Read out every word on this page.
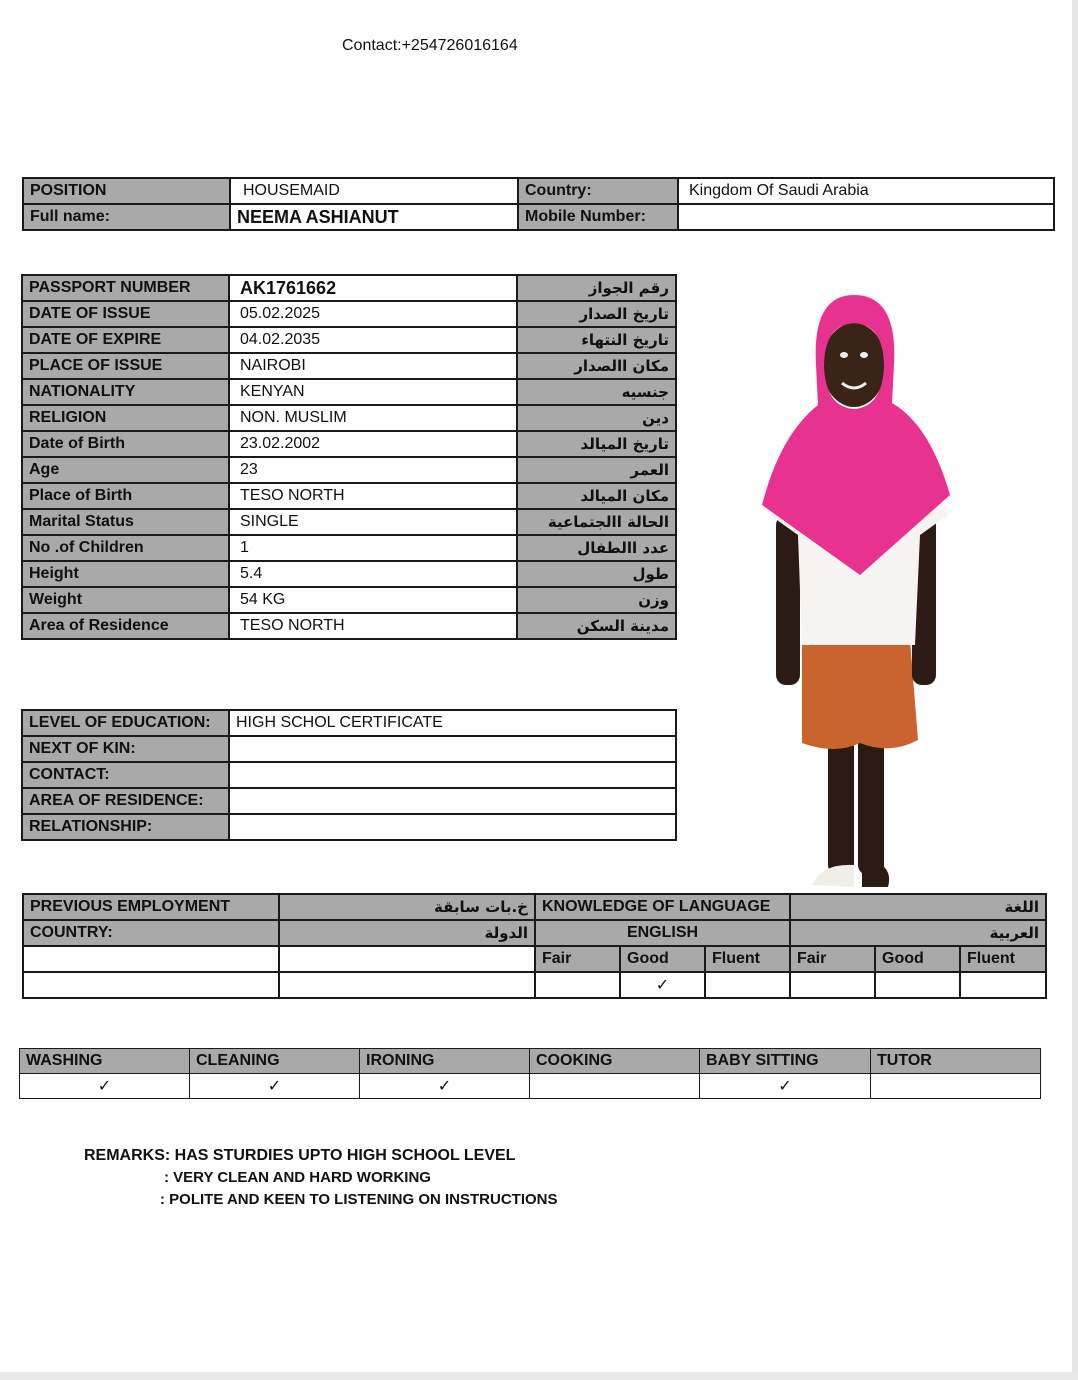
Contact:+254726016164
POSITION	HOUSEMAID	Country:	Kingdom Of Saudi Arabia
Full name:	NEEMA ASHIANUT	Mobile Number:	
PASSPORT NUMBER	AK1761662	رقم الجواز
DATE OF ISSUE	05.02.2025	تاريخ الصدار
DATE OF EXPIRE	04.02.2035	تاريخ النتهاء
PLACE OF ISSUE	NAIROBI	مكان االصدار
NATIONALITY	KENYAN	جنسيه
RELIGION	NON. MUSLIM	دين
Date of Birth	23.02.2002	تاريخ الميالد
Age	23	العمر
Place of Birth	TESO NORTH	مكان الميالد
Marital Status	SINGLE	الحالة االجتماعية
No .of Children	1	عدد االطفال
Height	5.4	طول
Weight	54 KG	وزن
Area of Residence	TESO NORTH	مدينة السكن
LEVEL OF EDUCATION:	HIGH SCHOL CERTIFICATE
NEXT OF KIN:	
CONTACT:	
AREA OF RESIDENCE:	
RELATIONSHIP:	
PREVIOUS EMPLOYMENT	خ.بات سابقة	KNOWLEDGE OF LANGUAGE			اللغة		
COUNTRY:	الدولة	ENGLISH			العربية		
		Fair	Good	Fluent	Fair	Good	Fluent
			✓				
WASHING	CLEANING	IRONING	COOKING	BABY SITTING	TUTOR
✓	✓	✓		✓	
REMARKS: HAS STURDIES UPTO HIGH SCHOOL LEVEL
: VERY CLEAN AND HARD WORKING
: POLITE AND KEEN TO LISTENING ON INSTRUCTIONS
